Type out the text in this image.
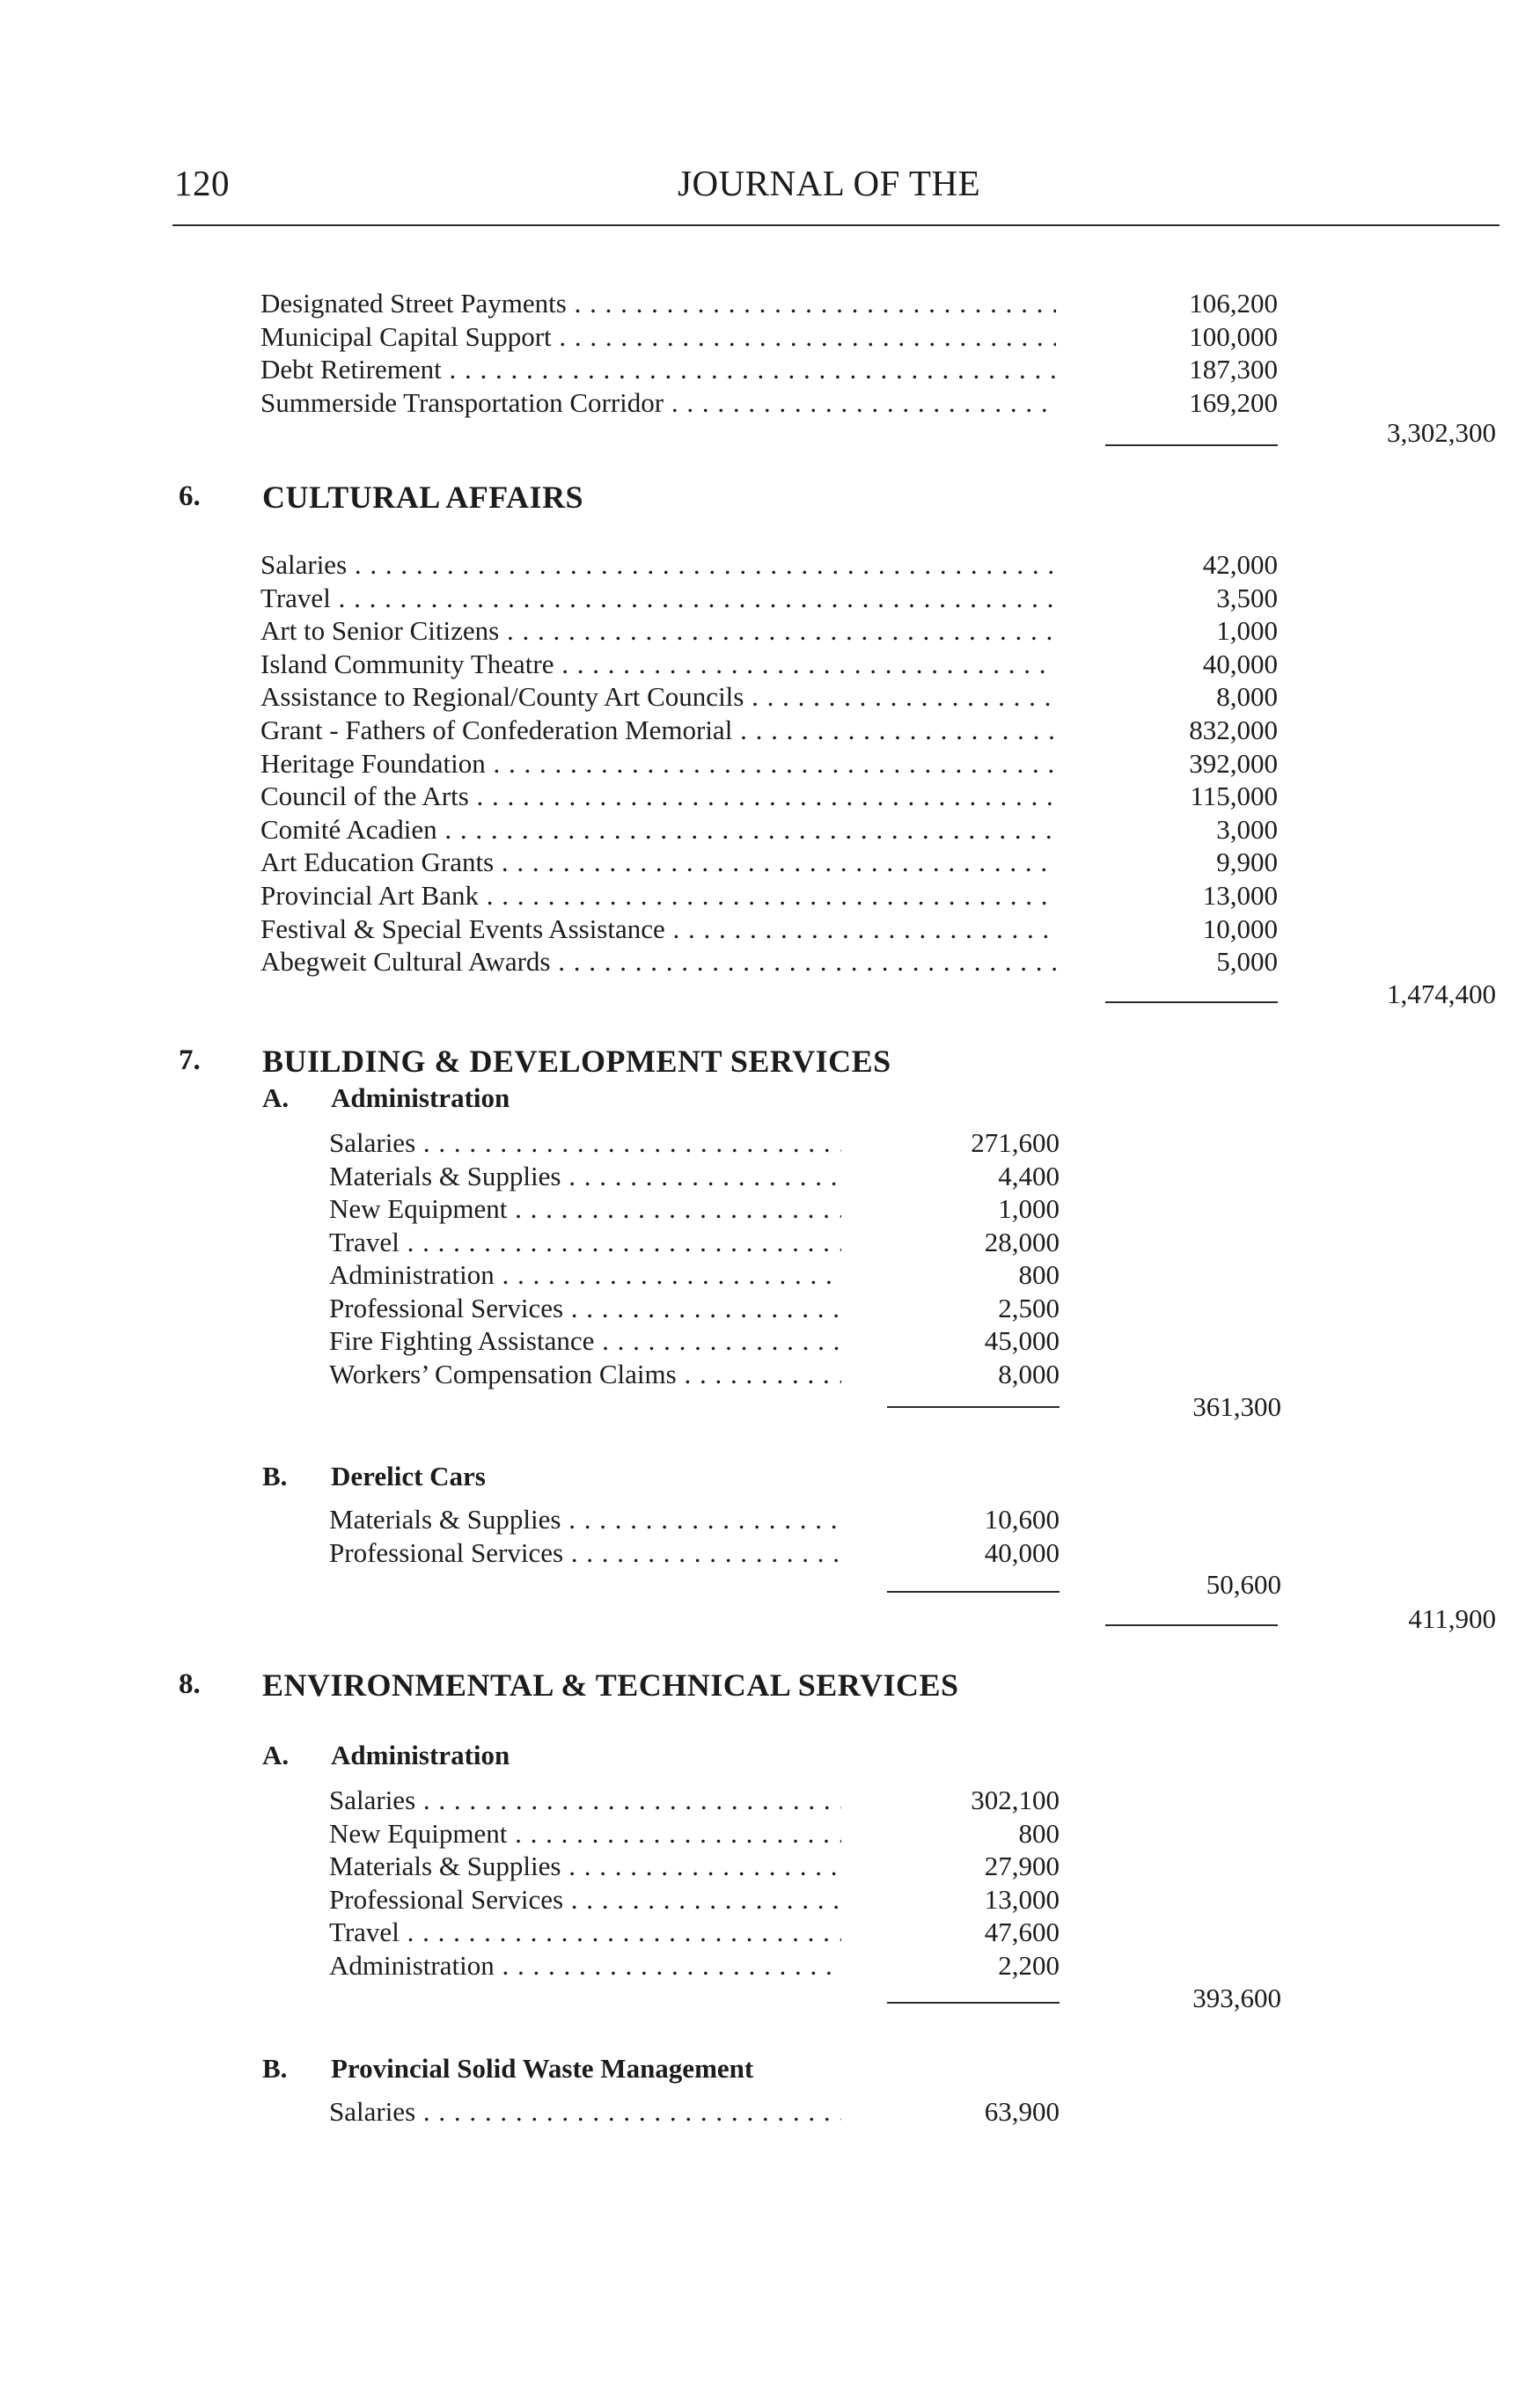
120	JOURNAL OF THE
Designated Street Payments . . .	106,200
Municipal Capital Support . . .	100,000
Debt Retirement . . .	187,300
Summerside Transportation Corridor . . .	169,200
3,302,300
6. CULTURAL AFFAIRS
Salaries . . .	42,000
Travel . . .	3,500
Art to Senior Citizens . . .	1,000
Island Community Theatre . . .	40,000
Assistance to Regional/County Art Councils . . .	8,000
Grant - Fathers of Confederation Memorial . . .	832,000
Heritage Foundation . . .	392,000
Council of the Arts . . .	115,000
Comité Acadien . . .	3,000
Art Education Grants . . .	9,900
Provincial Art Bank . . .	13,000
Festival & Special Events Assistance . . .	10,000
Abegweit Cultural Awards . . .	5,000
1,474,400
7. BUILDING & DEVELOPMENT SERVICES
A. Administration
Salaries . . .	271,600
Materials & Supplies . . .	4,400
New Equipment . . .	1,000
Travel . . .	28,000
Administration . . .	800
Professional Services . . .	2,500
Fire Fighting Assistance . . .	45,000
Workers’ Compensation Claims . . .	8,000
361,300
B. Derelict Cars
Materials & Supplies . . .	10,600
Professional Services . . .	40,000
50,600
411,900
8. ENVIRONMENTAL & TECHNICAL SERVICES
A. Administration
Salaries . . .	302,100
New Equipment . . .	800
Materials & Supplies . . .	27,900
Professional Services . . .	13,000
Travel . . .	47,600
Administration . . .	2,200
393,600
B. Provincial Solid Waste Management
Salaries . . .	63,900
